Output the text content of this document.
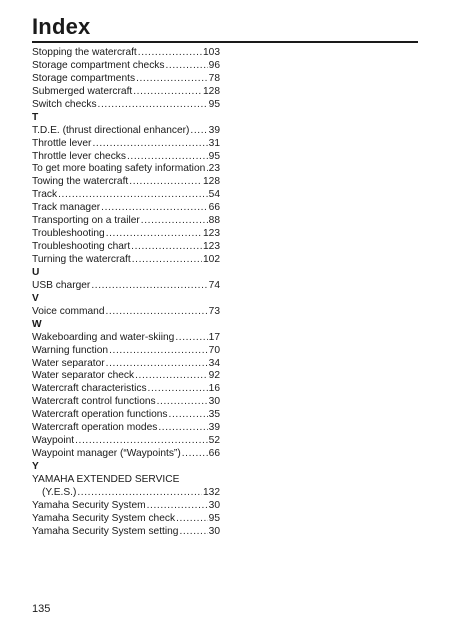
Index
Stopping the watercraft .....	103
Storage compartment checks .....	96
Storage compartments .....	78
Submerged watercraft .....	128
Switch checks .....	95
T
T.D.E. (thrust directional enhancer) ..... 39
Throttle lever .....	31
Throttle lever checks .....	95
To get more boating safety information ..... 23
Towing the watercraft .....	128
Track .....	54
Track manager .....	66
Transporting on a trailer .....	88
Troubleshooting .....	123
Troubleshooting chart .....	123
Turning the watercraft .....	102
U
USB charger .....	74
V
Voice command .....	73
W
Wakeboarding and water-skiing .....	17
Warning function .....	70
Water separator .....	34
Water separator check .....	92
Watercraft characteristics .....	16
Watercraft control functions .....	30
Watercraft operation functions .....	35
Watercraft operation modes .....	39
Waypoint .....	52
Waypoint manager (“Waypoints”) .....	66
Y
YAMAHA EXTENDED SERVICE
(Y.E.S.) .....	132
Yamaha Security System .....	30
Yamaha Security System check .....	95
Yamaha Security System setting .....	30
135
